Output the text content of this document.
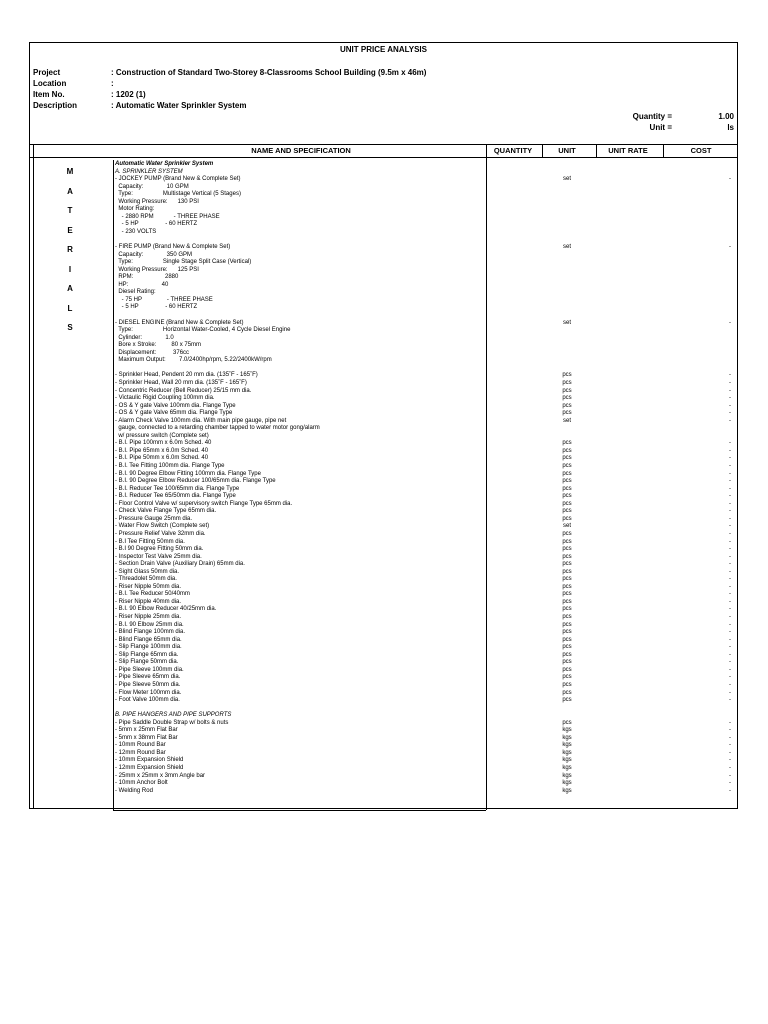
UNIT PRICE ANALYSIS
Project	: Construction of Standard Two-Storey 8-Classrooms School Building (9.5m x 46m)
Location	:
Item No.	: 1202 (1)
Description	: Automatic Water Sprinkler System
Quantity =	1.00
Unit =	ls
NAME AND SPECIFICATION	QUANTITY	UNIT	UNIT RATE	COST
M
A
T
E
R
I
A
L
S
Automatic Water Sprinkler System
A. SPRINKLER SYSTEM
- JOCKEY PUMP (Brand New & Complete Set)	set	-
Capacity:              10 GPM
Type:                  Multistage Vertical (5 Stages)
Working Pressure:      130 PSI
Motor Rating:
- 2880 RPM            - THREE PHASE
- 5 HP                - 60 HERTZ
- 230 VOLTS
- FIRE PUMP (Brand New & Complete Set)	set	-
Capacity:              350 GPM
Type:                  Single Stage Split Case (Vertical)
Working Pressure:      125 PSI
RPM:                   2880
HP:                    40
Diesel Rating:
- 75 HP               - THREE PHASE
- 5 HP                - 60 HERTZ
- DIESEL ENGINE (Brand New & Complete Set)	set	-
Type:                  Horizontal Water-Cooled, 4 Cycle Diesel Engine
Cylinder:              1.0
Bore x Stroke:         80 x 75mm
Displacement:          376cc
Maximum Output:        7.0/2400hp/rpm, 5.22/2400kW/rpm
- Sprinkler Head, Pendent 20 mm dia. (135˚F - 165˚F)	pcs	-
- Sprinkler Head, Wall 20 mm dia. (135˚F - 165˚F)	pcs	-
- Concentric Reducer (Bell Reducer) 25/15 mm dia.	pcs	-
- Victaulic Rigid Coupling 100mm dia.	pcs	-
- OS & Y gate Valve 100mm dia. Flange Type	pcs	-
- OS & Y gate Valve 65mm dia. Flange Type	pcs	-
- Alarm Check Valve 100mm dia. With main pipe gauge, pipe net	set	-
gauge, connected to a retarding chamber tapped to water motor gong/alarm
w/ pressure switch (Complete set)
- B.I. Pipe 100mm x 6.0m Sched. 40	pcs	-
- B.I. Pipe 65mm x 6.0m Sched. 40	pcs	-
- B.I. Pipe 50mm x 6.0m Sched. 40	pcs	-
- B.I. Tee Fitting 100mm dia. Flange Type	pcs	-
- B.I. 90 Degree Elbow Fitting 100mm dia. Flange Type	pcs	-
- B.I. 90 Degree Elbow Reducer 100/65mm dia. Flange Type	pcs	-
- B.I. Reducer Tee 100/65mm dia. Flange Type	pcs	-
- B.I. Reducer Tee 65/50mm dia. Flange Type	pcs	-
- Floor Control Valve w/ supervisory switch Flange Type 65mm dia.	pcs	-
- Check Valve Flange Type 65mm dia.	pcs	-
- Pressure Gauge 25mm dia.	pcs	-
- Water Flow Switch (Complete set)	set	-
- Pressure Relief Valve 32mm dia.	pcs	-
- B.I Tee Fitting 50mm dia.	pcs	-
- B.I 90 Degree Fitting 50mm dia.	pcs	-
- Inspector Test Valve 25mm dia.	pcs	-
- Section Drain Valve (Auxiliary Drain) 65mm dia.	pcs	-
- Sight Glass 50mm dia.	pcs	-
- Threadolet 50mm dia.	pcs	-
- Riser Nipple 50mm dia.	pcs	-
- B.I. Tee Reducer 50/40mm	pcs	-
- Riser Nipple 40mm dia.	pcs	-
- B.I. 90 Elbow Reducer 40/25mm dia.	pcs	-
- Riser Nipple 25mm dia.	pcs	-
- B.I. 90 Elbow 25mm dia.	pcs	-
- Blind Flange 100mm dia.	pcs	-
- Blind Flange 65mm dia.	pcs	-
- Slip Flange 100mm dia.	pcs	-
- Slip Flange 65mm dia.	pcs	-
- Slip Flange 50mm dia.	pcs	-
- Pipe Sleeve 100mm dia.	pcs	-
- Pipe Sleeve 65mm dia.	pcs	-
- Pipe Sleeve 50mm dia.	pcs	-
- Flow Meter 100mm dia.	pcs	-
- Foot Valve 100mm dia.	pcs	-
B. PIPE HANGERS AND PIPE SUPPORTS
- Pipe Saddle Double Strap w/ bolts & nuts	pcs	-
- 5mm x 25mm Flat Bar	kgs	-
- 5mm x 38mm Flat Bar	kgs	-
- 10mm Round Bar	kgs	-
- 12mm Round Bar	kgs	-
- 10mm Expansion Shield	kgs	-
- 12mm Expansion Shield	kgs	-
- 25mm x 25mm x 3mm Angle bar	kgs	-
- 10mm Anchor Bolt	kgs	-
- Welding Rod	kgs	-
